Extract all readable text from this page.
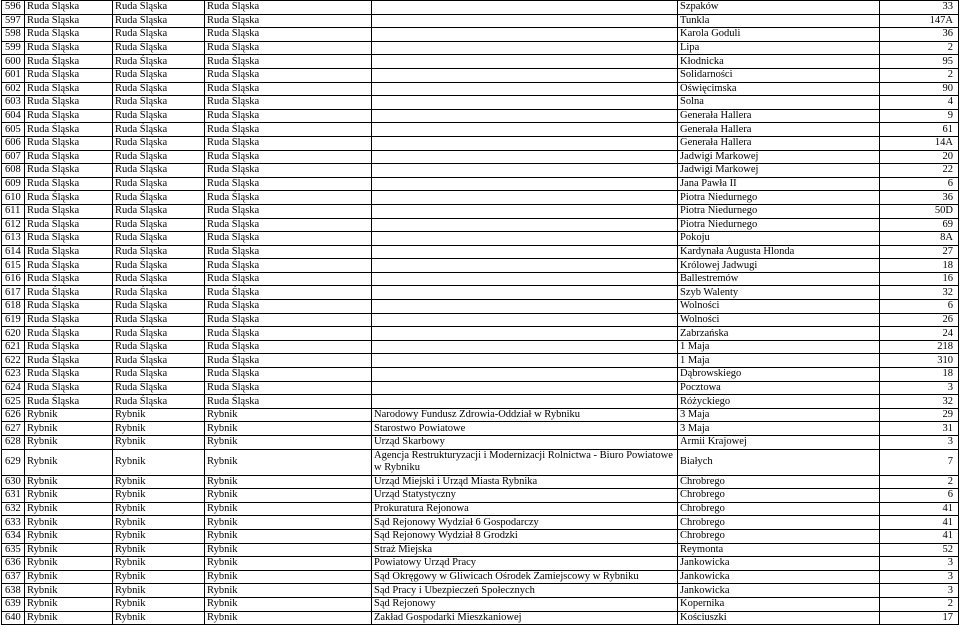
596	Ruda Śląska	Ruda Śląska	Ruda Śląska		Szpaków	33
597	Ruda Śląska	Ruda Śląska	Ruda Śląska		Tunkla	147A
598	Ruda Śląska	Ruda Śląska	Ruda Śląska		Karola Goduli	36
599	Ruda Śląska	Ruda Śląska	Ruda Śląska		Lipa	2
600	Ruda Śląska	Ruda Śląska	Ruda Śląska		Kłodnicka	95
601	Ruda Śląska	Ruda Śląska	Ruda Śląska		Solidarności	2
602	Ruda Śląska	Ruda Śląska	Ruda Śląska		Oświęcimska	90
603	Ruda Śląska	Ruda Śląska	Ruda Śląska		Solna	4
604	Ruda Śląska	Ruda Śląska	Ruda Śląska		Generała Hallera	9
605	Ruda Śląska	Ruda Śląska	Ruda Śląska		Generała Hallera	61
606	Ruda Śląska	Ruda Śląska	Ruda Śląska		Generała Hallera	14A
607	Ruda Śląska	Ruda Śląska	Ruda Śląska		Jadwigi Markowej	20
608	Ruda Śląska	Ruda Śląska	Ruda Śląska		Jadwigi Markowej	22
609	Ruda Śląska	Ruda Śląska	Ruda Śląska		Jana Pawła II	6
610	Ruda Śląska	Ruda Śląska	Ruda Śląska		Piotra Niedurnego	36
611	Ruda Śląska	Ruda Śląska	Ruda Śląska		Piotra Niedurnego	50D
612	Ruda Śląska	Ruda Śląska	Ruda Śląska		Piotra Niedurnego	69
613	Ruda Śląska	Ruda Śląska	Ruda Śląska		Pokoju	8A
614	Ruda Śląska	Ruda Śląska	Ruda Śląska		Kardynała Augusta Hlonda	27
615	Ruda Śląska	Ruda Śląska	Ruda Śląska		Królowej Jadwugi	18
616	Ruda Śląska	Ruda Śląska	Ruda Śląska		Ballestremów	16
617	Ruda Śląska	Ruda Śląska	Ruda Śląska		Szyb Walenty	32
618	Ruda Śląska	Ruda Śląska	Ruda Śląska		Wolności	6
619	Ruda Śląska	Ruda Śląska	Ruda Śląska		Wolności	26
620	Ruda Śląska	Ruda Śląska	Ruda Śląska		Zabrzańska	24
621	Ruda Śląska	Ruda Śląska	Ruda Śląska		1 Maja	218
622	Ruda Śląska	Ruda Śląska	Ruda Śląska		1 Maja	310
623	Ruda Śląska	Ruda Śląska	Ruda Śląska		Dąbrowskiego	18
624	Ruda Śląska	Ruda Śląska	Ruda Śląska		Pocztowa	3
625	Ruda Śląska	Ruda Śląska	Ruda Śląska		Różyckiego	32
626	Rybnik	Rybnik	Rybnik	Narodowy Fundusz Zdrowia-Oddział w Rybniku	3 Maja	29
627	Rybnik	Rybnik	Rybnik	Starostwo Powiatowe	3 Maja	31
628	Rybnik	Rybnik	Rybnik	Urząd Skarbowy	Armii Krajowej	3
629	Rybnik	Rybnik	Rybnik	Agencja Restrukturyzacji i Modernizacji Rolnictwa - Biuro Powiatowe w Rybniku	Białych	7
630	Rybnik	Rybnik	Rybnik	Urząd Miejski i Urząd Miasta Rybnika	Chrobrego	2
631	Rybnik	Rybnik	Rybnik	Urząd Statystyczny	Chrobrego	6
632	Rybnik	Rybnik	Rybnik	Prokuratura Rejonowa	Chrobrego	41
633	Rybnik	Rybnik	Rybnik	Sąd Rejonowy Wydział 6 Gospodarczy	Chrobrego	41
634	Rybnik	Rybnik	Rybnik	Sąd Rejonowy Wydział 8 Grodzki	Chrobrego	41
635	Rybnik	Rybnik	Rybnik	Straż Miejska	Reymonta	52
636	Rybnik	Rybnik	Rybnik	Powiatowy Urząd Pracy	Jankowicka	3
637	Rybnik	Rybnik	Rybnik	Sąd Okręgowy w Gliwicach Ośrodek Zamiejscowy w Rybniku	Jankowicka	3
638	Rybnik	Rybnik	Rybnik	Sąd Pracy i Ubezpieczeń Społecznych	Jankowicka	3
639	Rybnik	Rybnik	Rybnik	Sąd Rejonowy	Kopernika	2
640	Rybnik	Rybnik	Rybnik	Zakład Gospodarki Mieszkaniowej	Kościuszki	17
